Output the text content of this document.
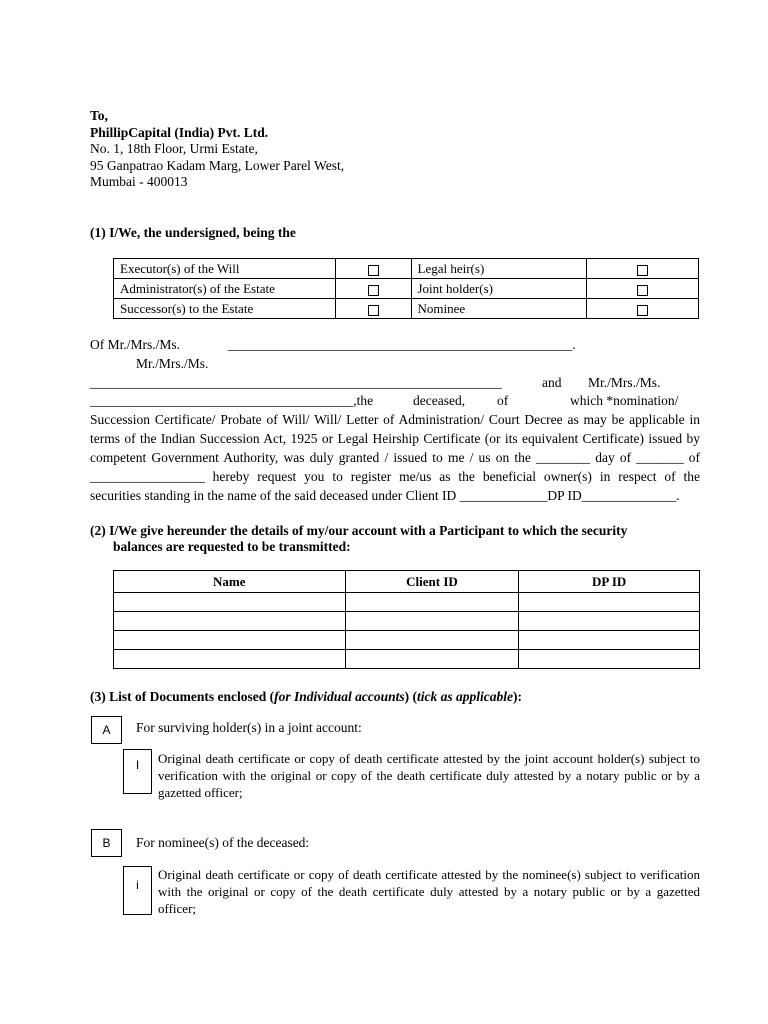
To,
PhillipCapital (India) Pvt. Ltd.
No. 1, 18th Floor, Urmi Estate,
95 Ganpatrao Kadam Marg, Lower Parel West,
Mumbai - 400013
(1) I/We, the undersigned, being the
Executor(s) of the Will		Legal heir(s)	
Administrator(s) of the Estate		Joint holder(s)	
Successor(s) to the Estate		Nominee	
Of Mr./Mrs./Ms.	___________________________________________________.
Mr./Mrs./Ms.
_____________________________________________________________	and Mr./Mrs./Ms.
_______________________________________,the	deceased, of	which *nomination/
Succession Certificate/ Probate of Will/ Will/ Letter of Administration/ Court Decree as may be applicable in
terms of the Indian Succession Act, 1925 or Legal Heirship Certificate (or its equivalent Certificate) issued by
competent Government Authority, was duly granted / issued to me / us on the ________ day of _______ of
_________________ hereby request you to register me/us as the beneficial owner(s) in respect of the
securities standing in the name of the said deceased under Client ID _____________DP ID______________.
(2) I/We give hereunder the details of my/our account with a Participant to which the security
balances are requested to be transmitted:
Name	Client ID	DP ID

(3) List of Documents enclosed (for Individual accounts) (tick as applicable):
A	For surviving holder(s) in a joint account:
I	Original death certificate or copy of death certificate attested by the joint account holder(s) subject to verification with the original or copy of the death certificate duly attested by a notary public or by a gazetted officer;
B	For nominee(s) of the deceased:
i
Original death certificate or copy of death certificate attested by the nominee(s) subject to verification with the original or copy of the death certificate duly attested by a notary public or by a gazetted officer;
